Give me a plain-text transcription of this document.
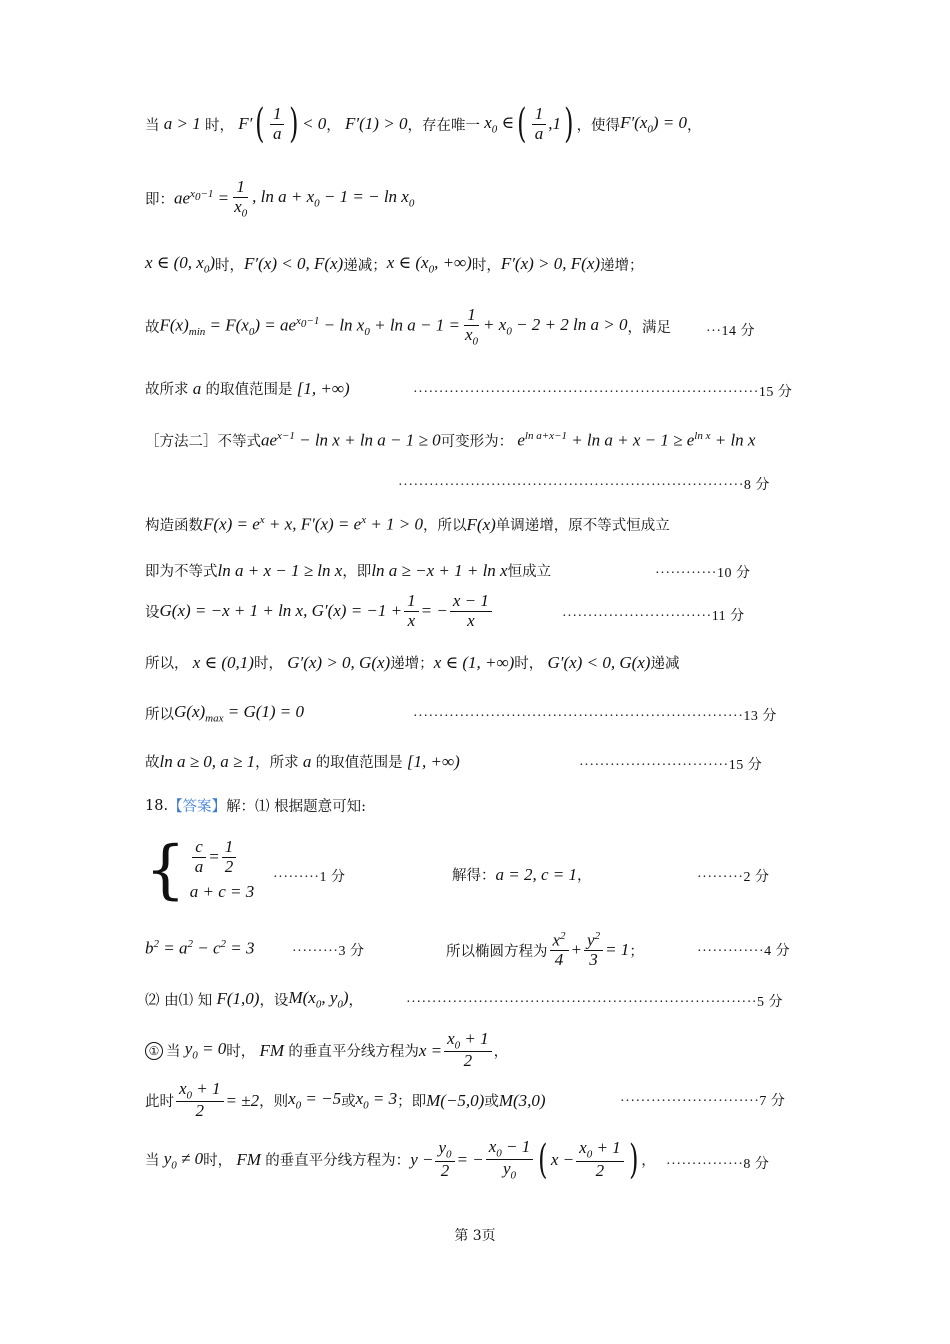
当 a > 1 时， F′ ( $\frac{1}{a}$ ) < 0 ， F′(1) > 0 ，存在唯一 $x_0$ ∈ ( $\frac{1}{a} ,1$ ) ，使得 $F'(x_0) = 0$ ，
即： $ae^{x_0-1} = \frac{1}{x_0}$ , $\ln a + x_0 - 1$ = − $\ln x_0$
x ∈ (0, $x_0$) 时， F′(x) < 0, F(x) 递减； x ∈ ($x_0$, +∞) 时， F′(x) > 0, F(x) 递增；
故 $F(x)_{min} = F(x_0) = ae^{x_0-1} - \ln x_0 + \ln a - 1 = \frac{1}{x_0} + x_0 - 2 + 2$ ln a > 0 ，满足	···14 分
故所求 a 的取值范围是 [1, +∞)	···································································15 分
［方法二］不等式 $ae^{x-1} - \ln x + \ln a - 1 \ge 0$ 可变形为： $e^{ln a+x-1} + \ln a + x - 1 \ge e^{ln x} + \ln x$
···································································8 分
构造函数 $F(x) = e^x + x$, $F'(x) = e^x + 1 > 0$ ，所以 F(x) 单调递增，原不等式恒成立
即为不等式 ln a + x − 1 ≥ ln x ，即 ln a ≥ −x + 1 + ln x 恒成立	············10 分
设 G(x) = −x + 1 + ln x, $G'(x) = -1 + \frac{1}{x}$ = − $\frac{x - 1}{x}$	·····························11 分
所以， x ∈ (0,1) 时， G′(x) > 0, G(x) 递增； x ∈ (1, +∞) 时， G′(x) < 0, G(x) 递减
所以 $G(x)_{max} = G(1) = 0$	································································13 分
故 ln a ≥ 0, a ≥ 1 ，所求 a 的取值范围是 [1, +∞)	·····························15 分
18. 【答案】 解：⑴ 根据题意可知:
{ $\frac{c}{a} = \frac{1}{2}$
a + c = 3
·········1 分	解得： a = 2, c = 1 ，	·········2 分
$b^2 = a^2 - c^2 = 3$	·········3 分	所以椭圆方程为 $\frac{x^2}{4} + \frac{y^2}{3} = 1$ ；	·············4 分
⑵ 由⑴ 知 F(1,0) ，设 $M(x_0$, $y_0$) ，	····································································5 分
① 当 $y_0 = 0$ 时， FM 的垂直平分线方程为 $x = \frac{x_0 + 1}{2}$ ，
此时 $\frac{x_0 + 1}{2} = \pm 2$ ，则 $x_0 = -5$ 或 $x_0 = 3$ ；即 M(−5,0) 或 M(3,0)	···························7 分
当 $y_0 \ne 0$ 时， FM 的垂直平分线方程为： $y - \frac{y_0}{2}$ = − $\frac{x_0 - 1}{y_0}$ ( $x - \frac{x_0 + 1}{2}$ ) ， ···············8 分
第 3页
